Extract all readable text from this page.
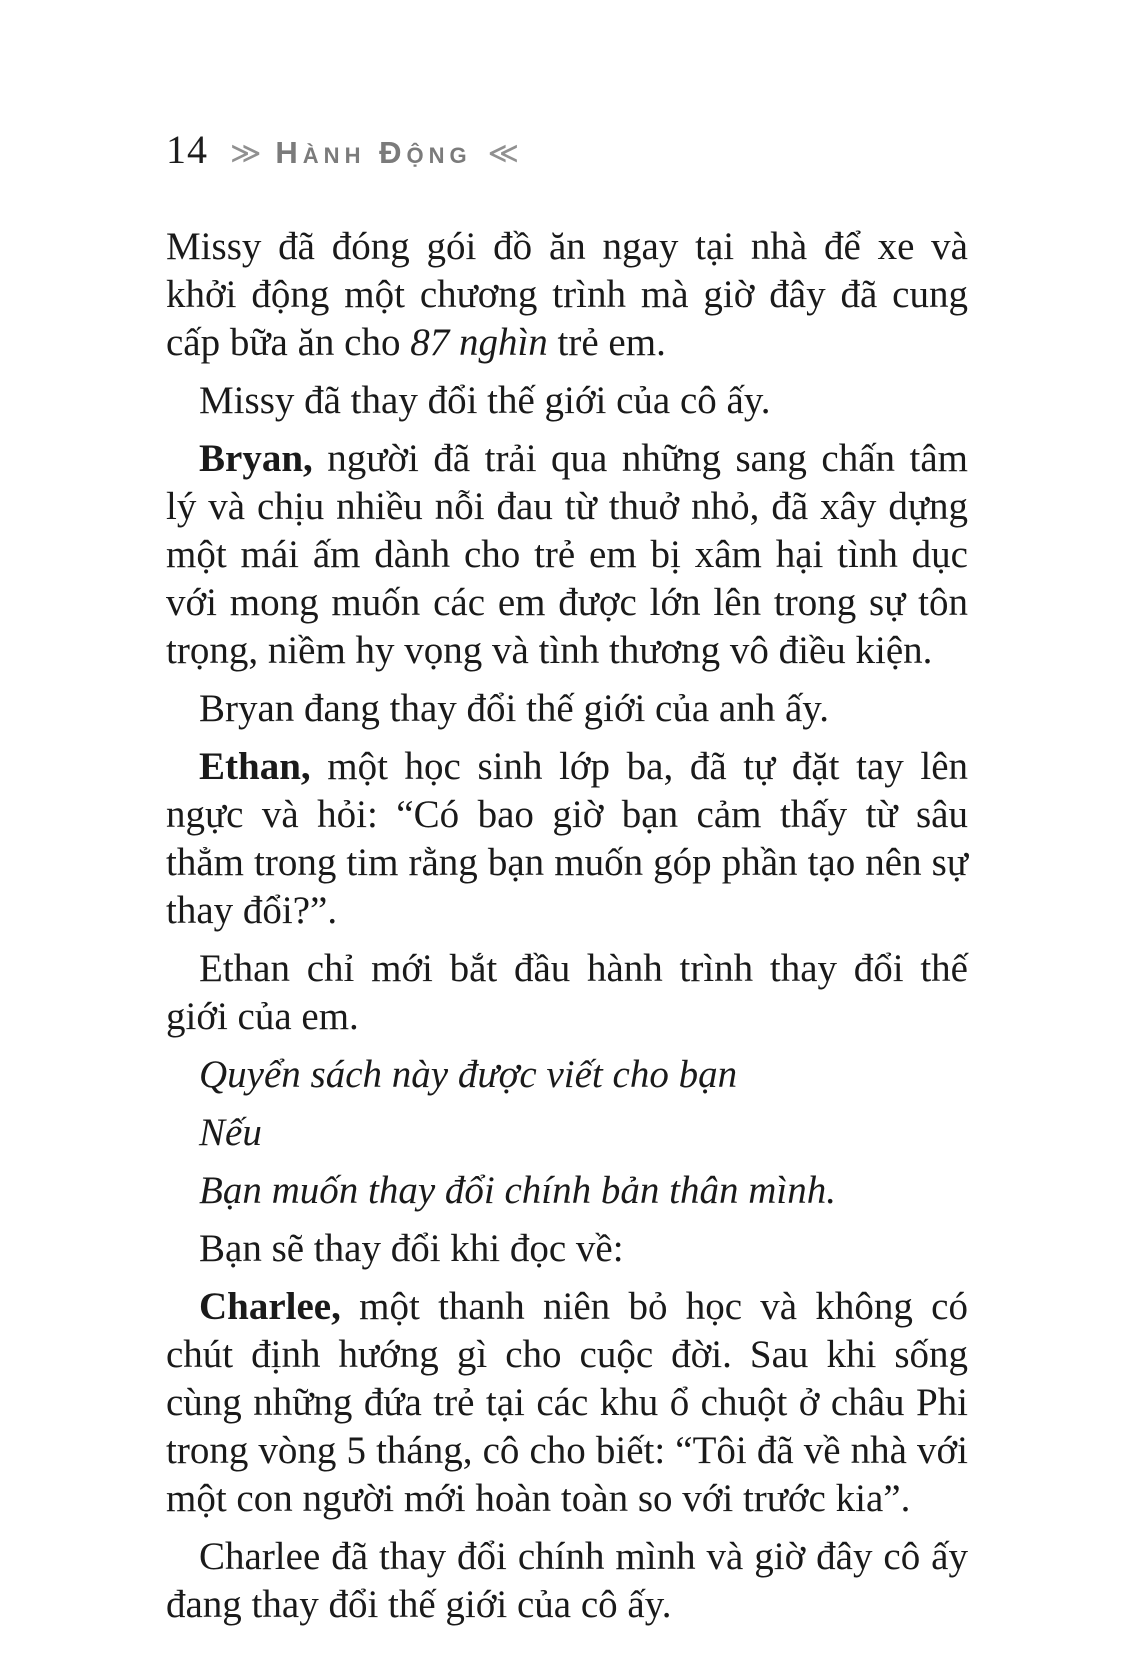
14 ≫ Hành Động ≪

Missy đã đóng gói đồ ăn ngay tại nhà để xe và khởi động một chương trình mà giờ đây đã cung cấp bữa ăn cho 87 nghìn trẻ em.

Missy đã thay đổi thế giới của cô ấy.

Bryan, người đã trải qua những sang chấn tâm lý và chịu nhiều nỗi đau từ thuở nhỏ, đã xây dựng một mái ấm dành cho trẻ em bị xâm hại tình dục với mong muốn các em được lớn lên trong sự tôn trọng, niềm hy vọng và tình thương vô điều kiện.

Bryan đang thay đổi thế giới của anh ấy.

Ethan, một học sinh lớp ba, đã tự đặt tay lên ngực và hỏi: “Có bao giờ bạn cảm thấy từ sâu thẳm trong tim rằng bạn muốn góp phần tạo nên sự thay đổi?”.

Ethan chỉ mới bắt đầu hành trình thay đổi thế giới của em.

Quyển sách này được viết cho bạn

Nếu

Bạn muốn thay đổi chính bản thân mình.

Bạn sẽ thay đổi khi đọc về:

Charlee, một thanh niên bỏ học và không có chút định hướng gì cho cuộc đời. Sau khi sống cùng những đứa trẻ tại các khu ổ chuột ở châu Phi trong vòng 5 tháng, cô cho biết: “Tôi đã về nhà với một con người mới hoàn toàn so với trước kia”.

Charlee đã thay đổi chính mình và giờ đây cô ấy đang thay đổi thế giới của cô ấy.
